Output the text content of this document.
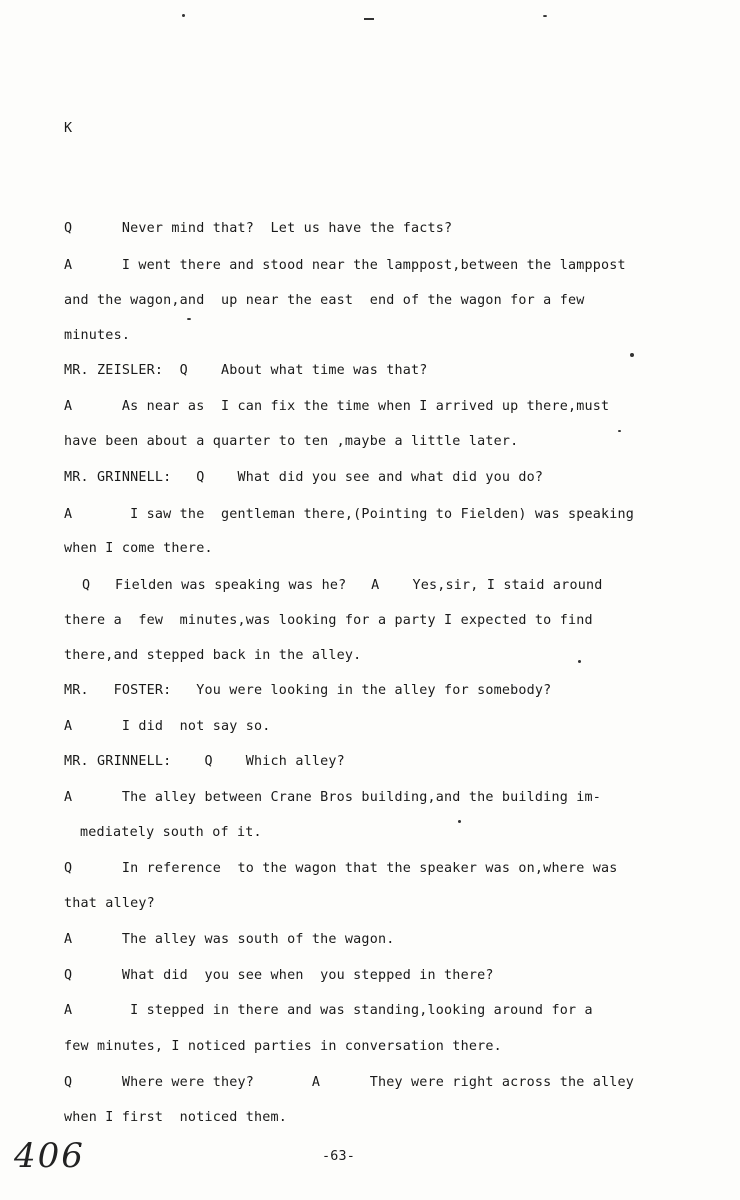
K
Q      Never mind that?  Let us have the facts?
A      I went there and stood near the lamppost,between the lamppost
and the wagon,and  up near the east  end of the wagon for a few
minutes.
MR. ZEISLER:  Q    About what time was that?
A      As near as  I can fix the time when I arrived up there,must
have been about a quarter to ten ,maybe a little later.
MR. GRINNELL:   Q    What did you see and what did you do?
A       I saw the  gentleman there,(Pointing to Fielden) was speaking
when I come there.
Q   Fielden was speaking was he?   A    Yes,sir, I staid around
there a  few  minutes,was looking for a party I expected to find
there,and stepped back in the alley.
MR.   FOSTER:   You were looking in the alley for somebody?
A      I did  not say so.
MR. GRINNELL:    Q    Which alley?
A      The alley between Crane Bros building,and the building im-
mediately south of it.
Q      In reference  to the wagon that the speaker was on,where was
that alley?
A      The alley was south of the wagon.
Q      What did  you see when  you stepped in there?
A       I stepped in there and was standing,looking around for a
few minutes, I noticed parties in conversation there.
Q      Where were they?       A      They were right across the alley
when I first  noticed them.
406	-63-
